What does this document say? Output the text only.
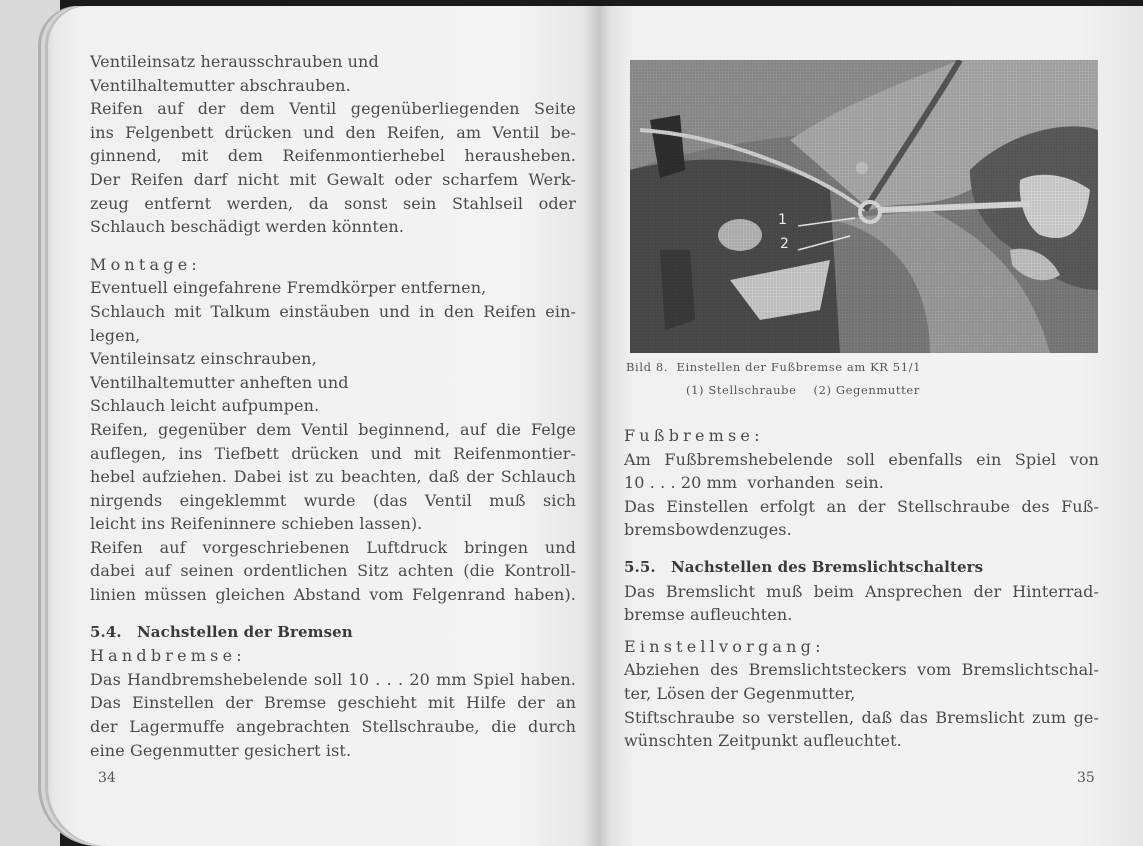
Ventileinsatz herausschrauben und
Ventilhaltemutter abschrauben.
Reifen auf der dem Ventil gegenüberliegenden Seite
ins Felgenbett drücken und den Reifen, am Ventil be-
ginnend, mit dem Reifenmontierhebel herausheben.
Der Reifen darf nicht mit Gewalt oder scharfem Werk-
zeug entfernt werden, da sonst sein Stahlseil oder
Schlauch beschädigt werden könnten.
Montage:
Eventuell eingefahrene Fremdkörper entfernen,
Schlauch mit Talkum einstäuben und in den Reifen ein-
legen,
Ventileinsatz einschrauben,
Ventilhaltemutter anheften und
Schlauch leicht aufpumpen.
Reifen, gegenüber dem Ventil beginnend, auf die Felge
auflegen, ins Tiefbett drücken und mit Reifenmontier-
hebel aufziehen. Dabei ist zu beachten, daß der Schlauch
nirgends eingeklemmt wurde (das Ventil muß sich
leicht ins Reifeninnere schieben lassen).
Reifen auf vorgeschriebenen Luftdruck bringen und
dabei auf seinen ordentlichen Sitz achten (die Kontroll-
linien müssen gleichen Abstand vom Felgenrand haben).
5.4. Nachstellen der Bremsen
Handbremse:
Das Handbremshebelende soll 10 . . . 20 mm Spiel haben.
Das Einstellen der Bremse geschieht mit Hilfe der an
der Lagermuffe angebrachten Stellschraube, die durch
eine Gegenmutter gesichert ist.
34
1
2
Bild 8.  Einstellen der Fußbremse am KR 51/1
(1) Stellschraube    (2) Gegenmutter
Fußbremse:
Am Fußbremshebelende soll ebenfalls ein Spiel von
10 . . . 20 mm  vorhanden  sein.
Das Einstellen erfolgt an der Stellschraube des Fuß-
bremsbowdenzuges.
5.5. Nachstellen des Bremslichtschalters
Das Bremslicht muß beim Ansprechen der Hinterrad-
bremse aufleuchten.
Einstellvorgang:
Abziehen des Bremslichtsteckers vom Bremslichtschal-
ter, Lösen der Gegenmutter,
Stiftschraube so verstellen, daß das Bremslicht zum ge-
wünschten Zeitpunkt aufleuchtet.
35
